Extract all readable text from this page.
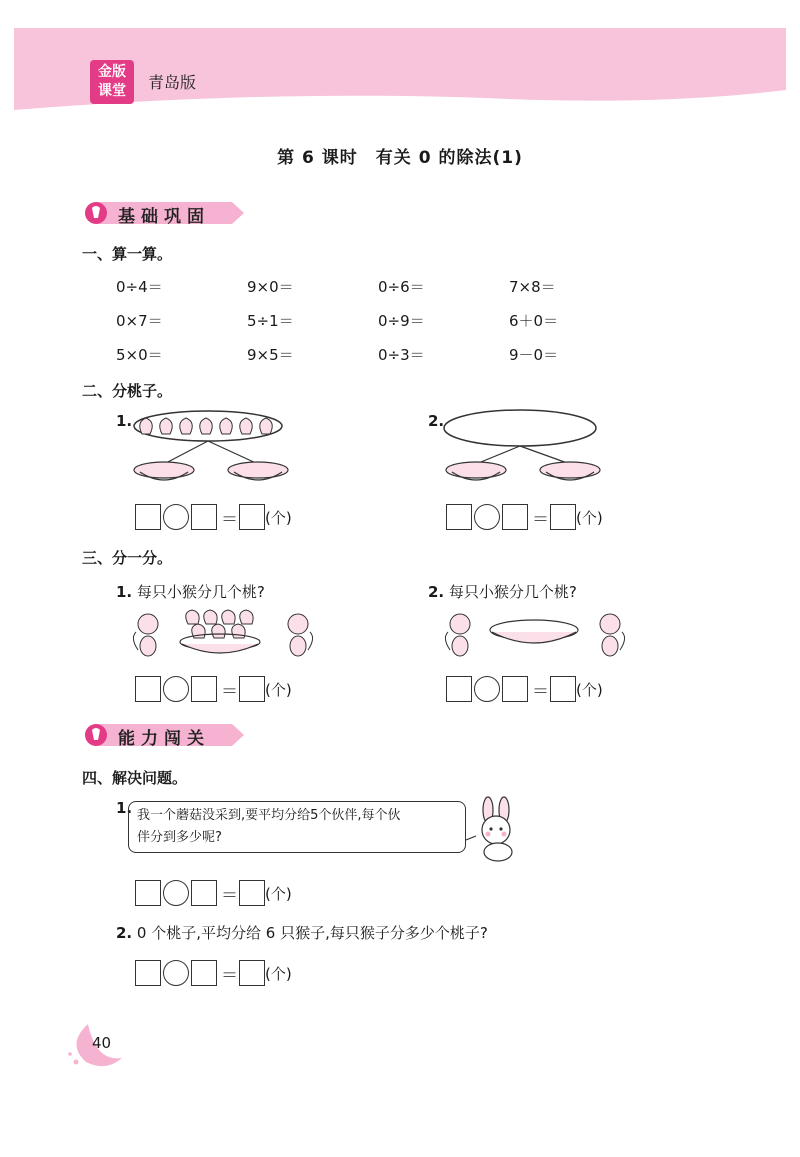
金版
课堂	青岛版
第 6 课时　有关 0 的除法(1)
基础巩固
一、算一算。
0÷4＝	9×0＝	0÷6＝	7×8＝
0×7＝	5÷1＝	0÷9＝	6＋0＝
5×0＝	9×5＝	0÷3＝	9－0＝
二、分桃子。
1.	2.
＝ (个)	＝ (个)
三、分一分。
1. 每只小猴分几个桃?	2. 每只小猴分几个桃?
＝ (个)	＝ (个)
能力闯关
四、解决问题。
1. 我一个蘑菇没采到,要平均分给5个伙伴,每个伙
伴分到多少呢?
＝ (个)
2. 0 个桃子,平均分给 6 只猴子,每只猴子分多少个桃子?
＝ (个)
40
